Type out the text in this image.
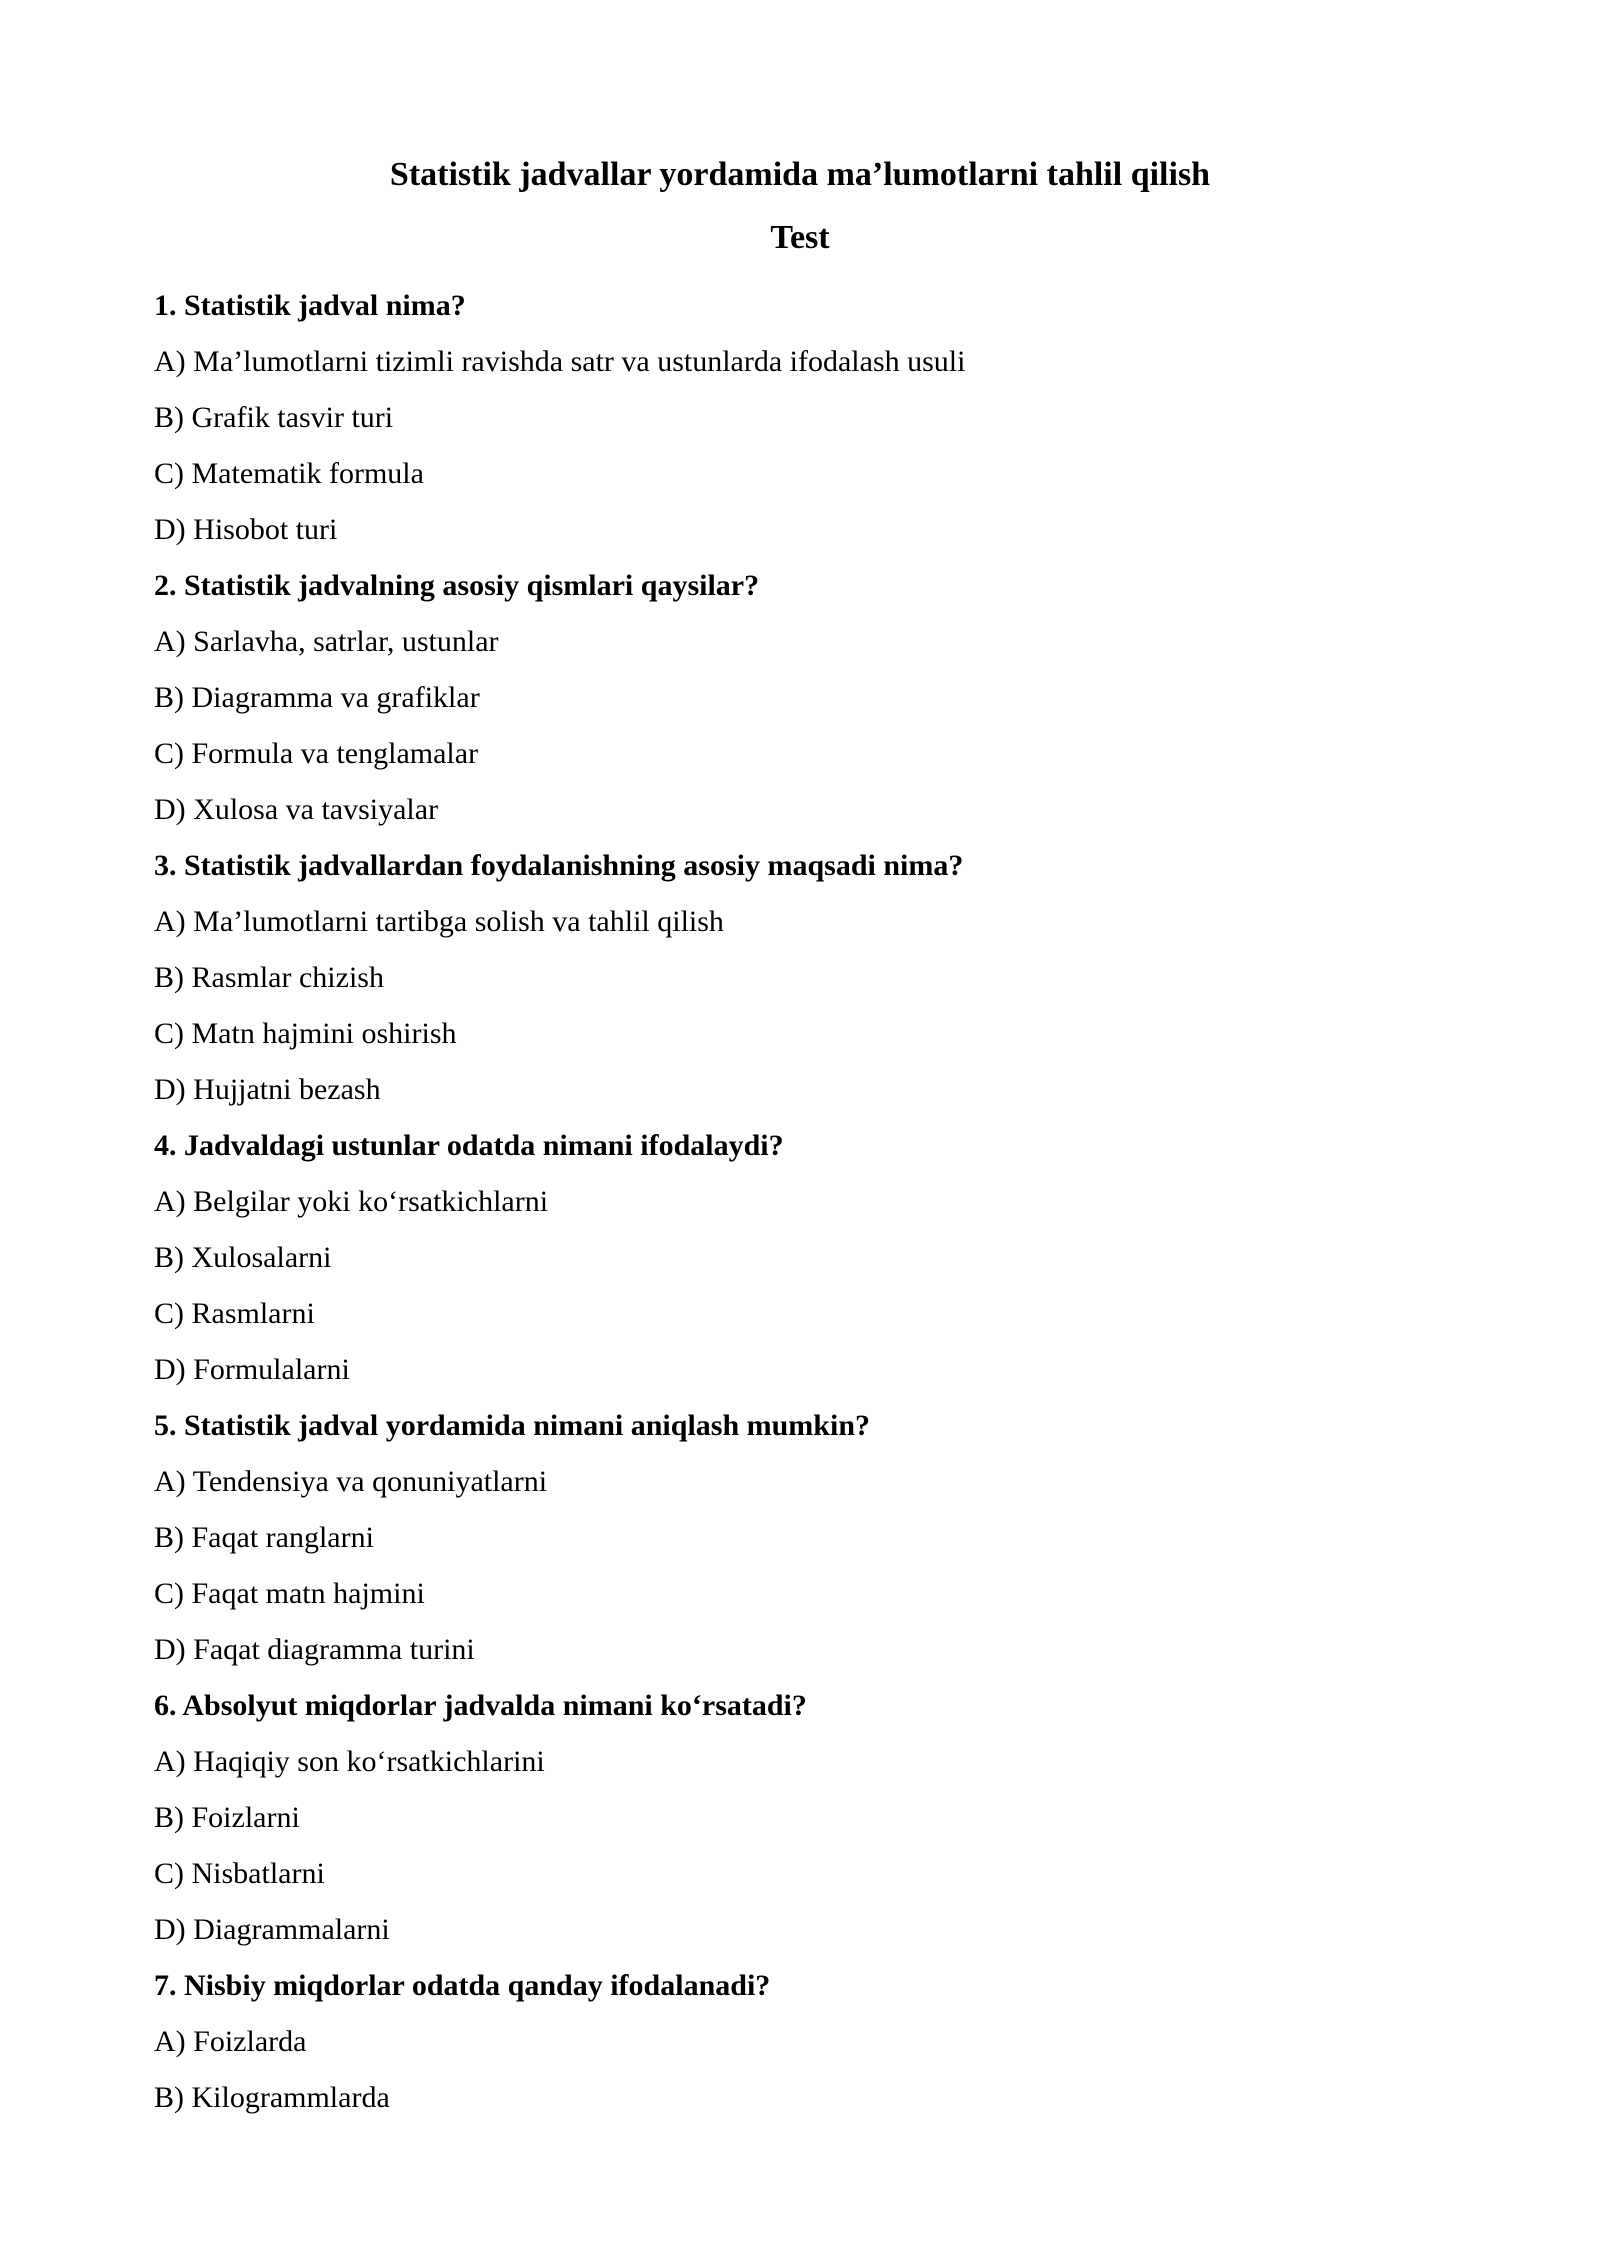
Statistik jadvallar yordamida ma’lumotlarni tahlil qilish
Test

1. Statistik jadval nima?

A) Ma’lumotlarni tizimli ravishda satr va ustunlarda ifodalash usuli
B) Grafik tasvir turi
C) Matematik formula
D) Hisobot turi

2. Statistik jadvalning asosiy qismlari qaysilar?

A) Sarlavha, satrlar, ustunlar
B) Diagramma va grafiklar
C) Formula va tenglamalar
D) Xulosa va tavsiyalar

3. Statistik jadvallardan foydalanishning asosiy maqsadi nima?

A) Ma’lumotlarni tartibga solish va tahlil qilish
B) Rasmlar chizish
C) Matn hajmini oshirish
D) Hujjatni bezash

4. Jadvaldagi ustunlar odatda nimani ifodalaydi?

A) Belgilar yoki ko‘rsatkichlarni
B) Xulosalarni
C) Rasmlarni
D) Formulalarni

5. Statistik jadval yordamida nimani aniqlash mumkin?

A) Tendensiya va qonuniyatlarni
B) Faqat ranglarni
C) Faqat matn hajmini
D) Faqat diagramma turini

6. Absolyut miqdorlar jadvalda nimani ko‘rsatadi?

A) Haqiqiy son ko‘rsatkichlarini
B) Foizlarni
C) Nisbatlarni
D) Diagrammalarni

7. Nisbiy miqdorlar odatda qanday ifodalanadi?

A) Foizlarda
B) Kilogrammlarda
